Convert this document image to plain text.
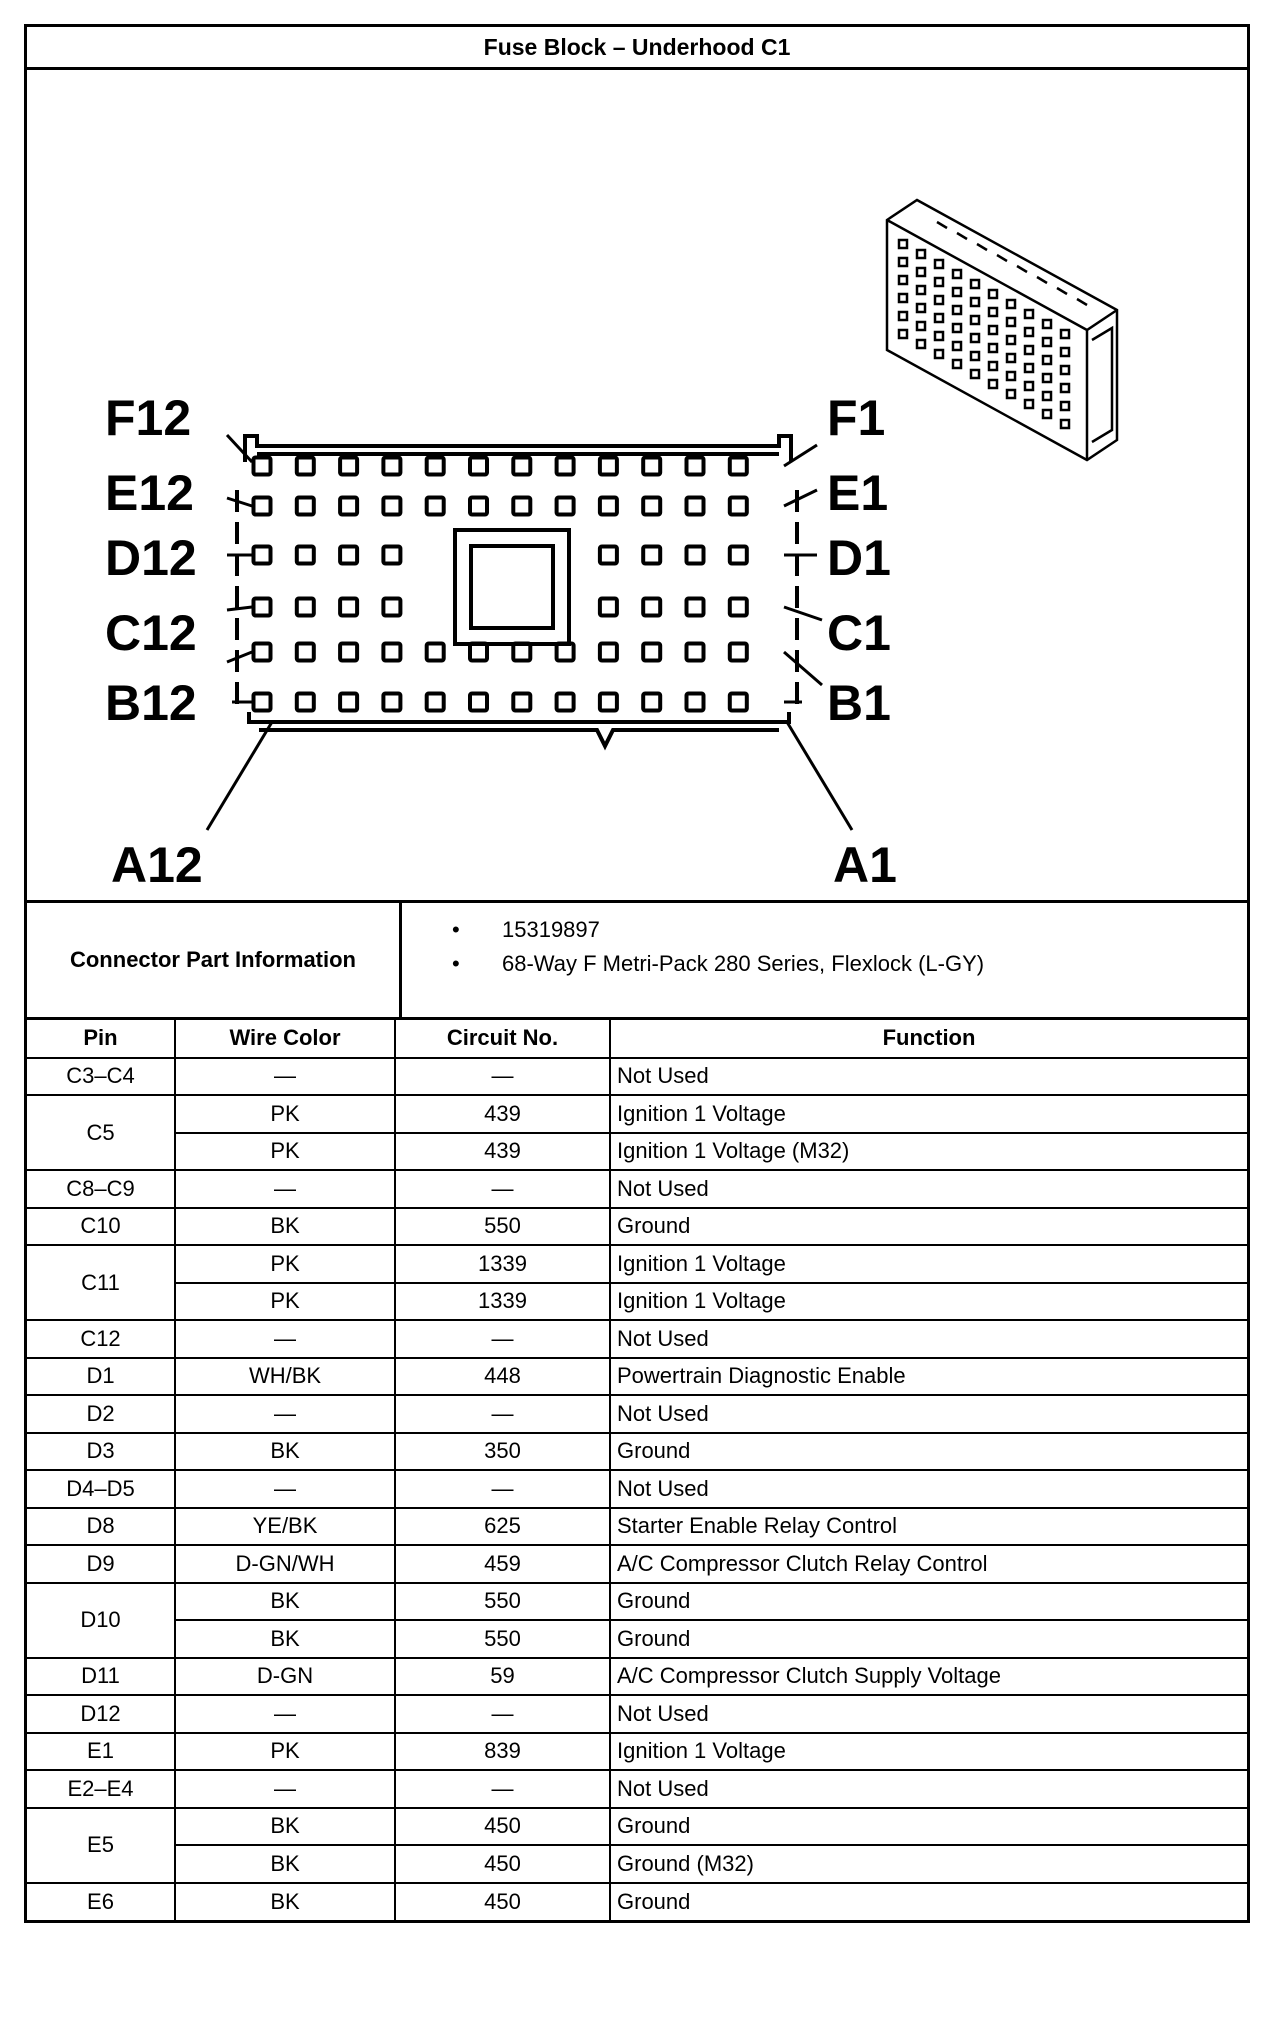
Fuse Block – Underhood C1
F12
E12
D12
C12
B12
A12
F1
E1
D1
C1
B1
A1
Connector Part Information
• 15319897
• 68-Way F Metri-Pack 280 Series, Flexlock (L-GY)
Pin	Wire Color	Circuit No.	Function
C3–C4	—	—	Not Used
C5	PK	439	Ignition 1 Voltage
	PK	439	Ignition 1 Voltage (M32)
C8–C9	—	—	Not Used
C10	BK	550	Ground
C11	PK	1339	Ignition 1 Voltage
	PK	1339	Ignition 1 Voltage
C12	—	—	Not Used
D1	WH/BK	448	Powertrain Diagnostic Enable
D2	—	—	Not Used
D3	BK	350	Ground
D4–D5	—	—	Not Used
D8	YE/BK	625	Starter Enable Relay Control
D9	D-GN/WH	459	A/C Compressor Clutch Relay Control
D10	BK	550	Ground
	BK	550	Ground
D11	D-GN	59	A/C Compressor Clutch Supply Voltage
D12	—	—	Not Used
E1	PK	839	Ignition 1 Voltage
E2–E4	—	—	Not Used
E5	BK	450	Ground
	BK	450	Ground (M32)
E6	BK	450	Ground
